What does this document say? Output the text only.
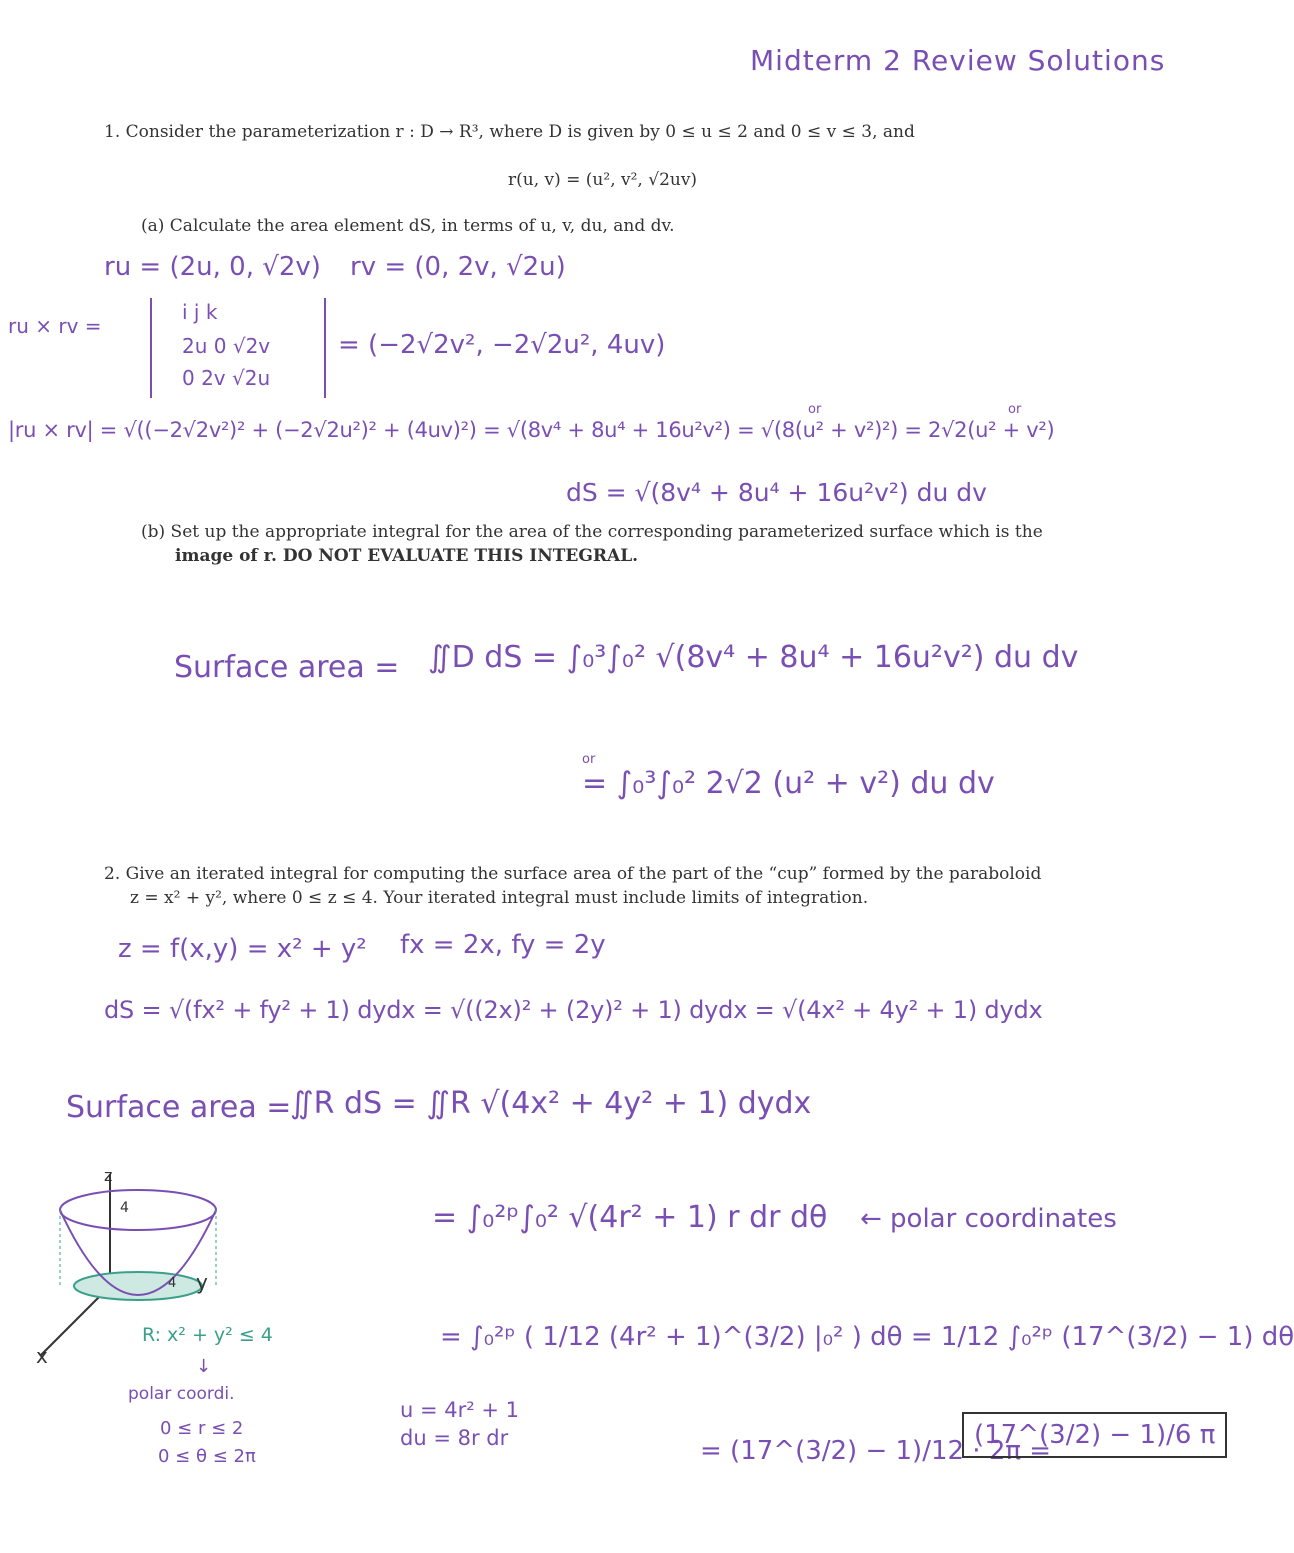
Midterm 2 Review Solutions
1. Consider the parameterization r : D → R³, where D is given by 0 ≤ u ≤ 2 and 0 ≤ v ≤ 3, and
r(u, v) = (u², v², √2uv)
(a) Calculate the area element dS, in terms of u, v, du, and dv.
ru = (2u, 0, √2v) rv = (0, 2v, √2u)
ru × rv =
i j k
2u 0 √2v
0 2v √2u
= (−2√2v², −2√2u², 4uv)
|ru × rv| = √((−2√2v²)² + (−2√2u²)² + (4uv)²) = √(8v⁴ + 8u⁴ + 16u²v²) = √(8(u² + v²)²) = 2√2(u² + v²)
or	or
dS = √(8v⁴ + 8u⁴ + 16u²v²) du dv
(b) Set up the appropriate integral for the area of the corresponding parameterized surface which is the
image of r. DO NOT EVALUATE THIS INTEGRAL.
Surface area = ∬D dS = ∫₀³∫₀² √(8v⁴ + 8u⁴ + 16u²v²) du dv
or
= ∫₀³∫₀² 2√2 (u² + v²) du dv
2. Give an iterated integral for computing the surface area of the part of the “cup” formed by the paraboloid
z = x² + y², where 0 ≤ z ≤ 4. Your iterated integral must include limits of integration.
z = f(x,y) = x² + y² fx = 2x, fy = 2y
dS = √(fx² + fy² + 1) dydx = √((2x)² + (2y)² + 1) dydx = √(4x² + 4y² + 1) dydx
Surface area =
∬R dS = ∬R √(4x² + 4y² + 1) dydx
= ∫₀²ᵖ∫₀² √(4r² + 1) r dr dθ ← polar coordinates
= ∫₀²ᵖ ( 1/12 (4r² + 1)^(3/2) |₀² ) dθ = 1/12 ∫₀²ᵖ (17^(3/2) − 1) dθ
u = 4r² + 1
du = 8r dr	= (17^(3/2) − 1)/12 · 2π =
(17^(3/2) − 1)/6 π
z
4
4 y
x
R: x² + y² ≤ 4
↓
polar coordi.
0 ≤ r ≤ 2
0 ≤ θ ≤ 2π
